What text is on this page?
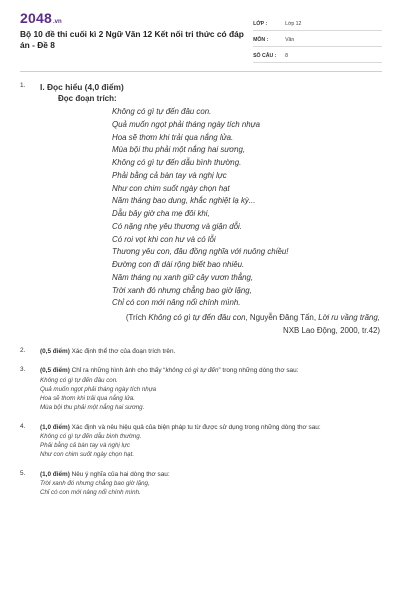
2048 .vn
Bộ 10 đề thi cuối kì 2 Ngữ Văn 12 Kết nối tri thức có đáp án - Đề 8
LỚP :	Lớp 12
MÔN :	Văn
SỐ CÂU :	8
1.	I. Đọc hiểu (4,0 điểm)
Đọc đoạn trích:
Không có gì tự đến đâu con.
Quả muốn ngọt phải tháng ngày tích nhựa
Hoa sẽ thơm khi trải qua nắng lửa.
Mùa bội thu phải một nắng hai sương,
Không có gì tự đến dẫu bình thường.
Phải bằng cả bàn tay và nghị lực
Như con chim suốt ngày chọn hạt
Năm tháng bao dung, khắc nghiệt lạ kỳ...
Dẫu bây giờ cha mẹ đôi khi,
Có nặng nhẹ yêu thương và giận dỗi.
Có roi vọt khi con hư và có lỗi
Thương yêu con, đâu đồng nghĩa với nuông chiều!
Đường con đi dài rộng biết bao nhiêu.
Năm tháng nụ xanh giữ cây vươn thẳng,
Trời xanh đó nhưng chẳng bao giờ lặng,
Chỉ có con mới nâng nổi chính mình.
(Trích Không có gì tự đến đâu con, Nguyễn Đăng Tấn, Lời ru vầng trăng,
NXB Lao Động, 2000, tr.42)
2.	(0,5 điểm) Xác định thể thơ của đoạn trích trên.
3.	(0,5 điểm) Chỉ ra những hình ảnh cho thấy “không có gì tự đến” trong những dòng thơ sau:
Không có gì tự đến đâu con.
Quả muốn ngọt phải tháng ngày tích nhựa
Hoa sẽ thơm khi trải qua nắng lửa.
Mùa bội thu phải một nắng hai sương.
4.	(1,0 điểm) Xác định và nêu hiệu quả của biện pháp tu từ được sử dụng trong những dòng thơ sau:
Không có gì tự đến dẫu bình thường.
Phải bằng cả bàn tay và nghị lực
Như con chim suốt ngày chọn hạt.
5.	(1,0 điểm) Nêu ý nghĩa của hai dòng thơ sau:
Trời xanh đó nhưng chẳng bao giờ lặng,
Chỉ có con mới nâng nổi chính mình.
